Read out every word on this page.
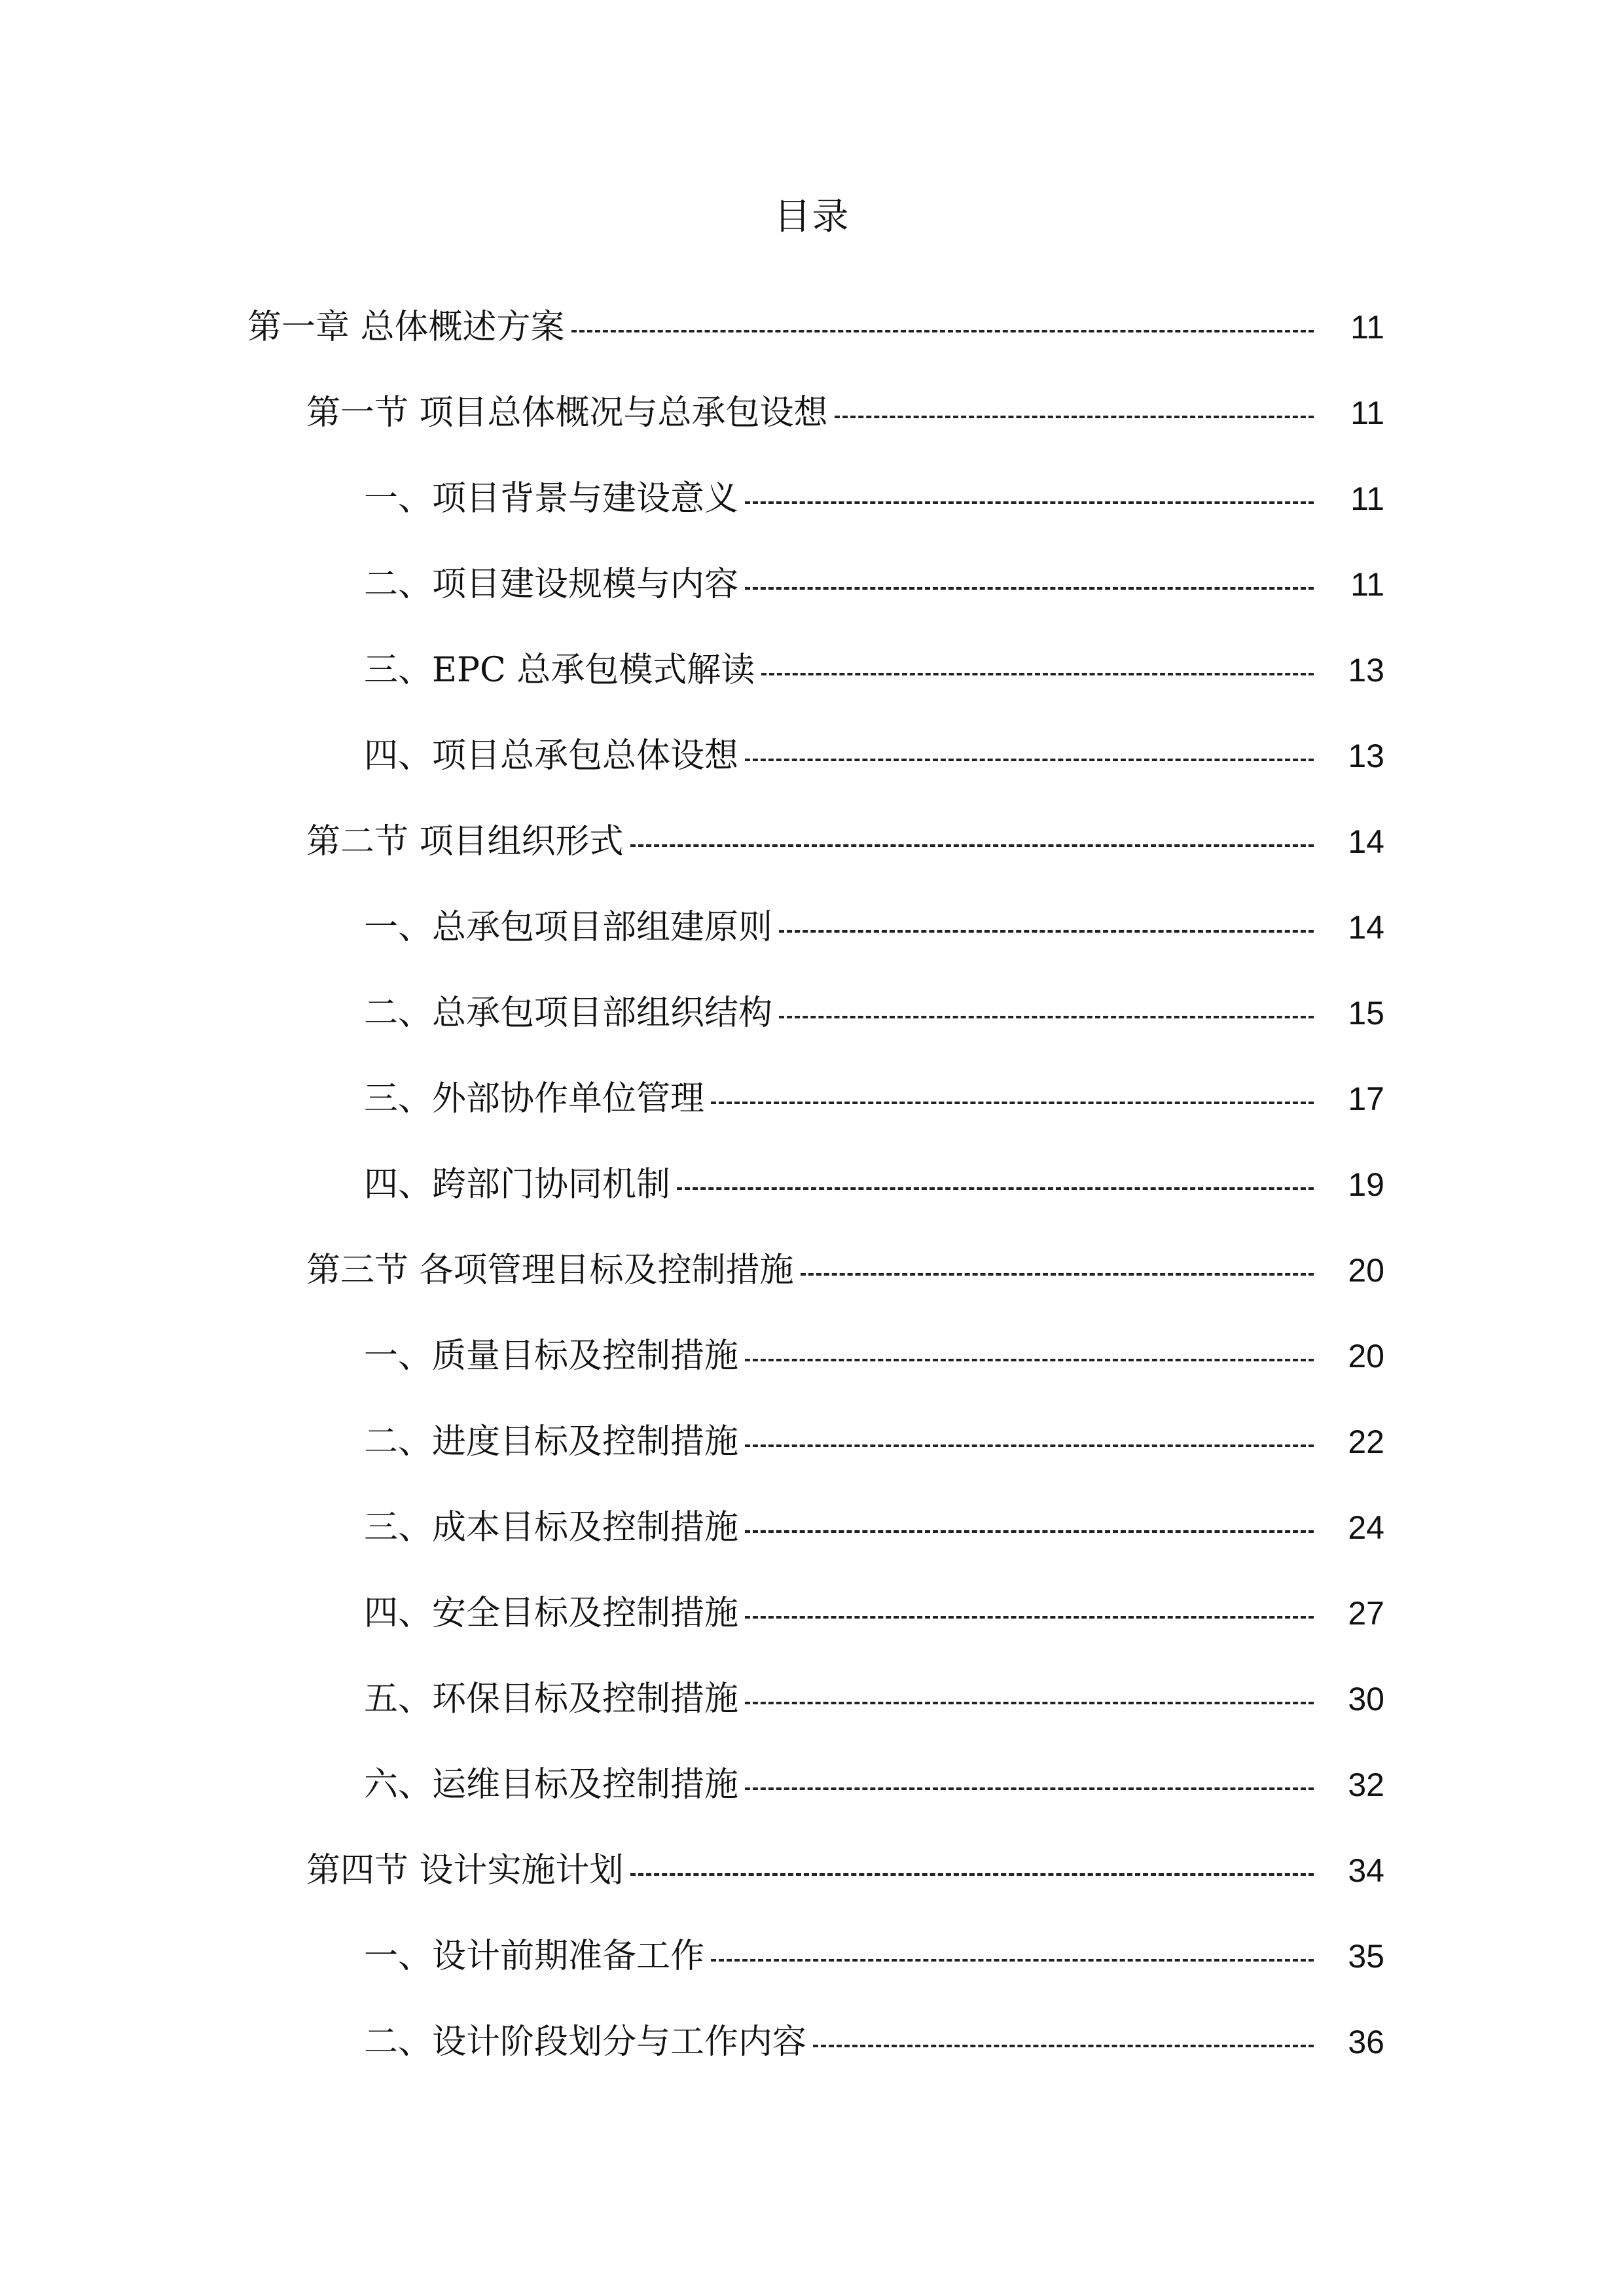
目录
第一章 总体概述方案	11
第一节 项目总体概况与总承包设想	11
一、项目背景与建设意义	11
二、项目建设规模与内容	11
三、EPC 总承包模式解读	13
四、项目总承包总体设想	13
第二节 项目组织形式	14
一、总承包项目部组建原则	14
二、总承包项目部组织结构	15
三、外部协作单位管理	17
四、跨部门协同机制	19
第三节 各项管理目标及控制措施	20
一、质量目标及控制措施	20
二、进度目标及控制措施	22
三、成本目标及控制措施	24
四、安全目标及控制措施	27
五、环保目标及控制措施	30
六、运维目标及控制措施	32
第四节 设计实施计划	34
一、设计前期准备工作	35
二、设计阶段划分与工作内容	36
